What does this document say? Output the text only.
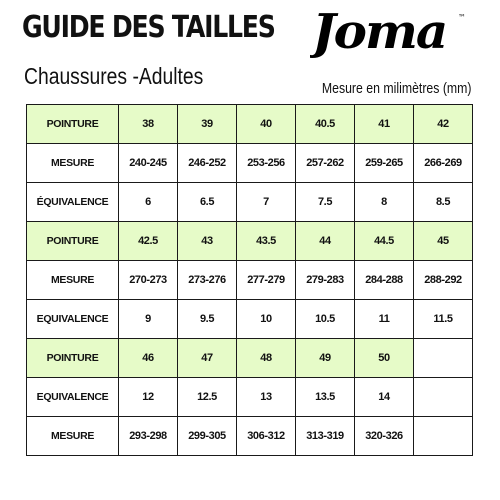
GUIDE DES TAILLES Joma ™
Chaussures -Adultes	Mesure en milimètres (mm)
POINTURE	38	39	40	40.5	41	42
MESURE	240-245	246-252	253-256	257-262	259-265	266-269
ÉQUIVALENCE	6	6.5	7	7.5	8	8.5
POINTURE	42.5	43	43.5	44	44.5	45
MESURE	270-273	273-276	277-279	279-283	284-288	288-292
EQUIVALENCE	9	9.5	10	10.5	11	11.5
POINTURE	46	47	48	49	50	
EQUIVALENCE	12	12.5	13	13.5	14	
MESURE	293-298	299-305	306-312	313-319	320-326	
